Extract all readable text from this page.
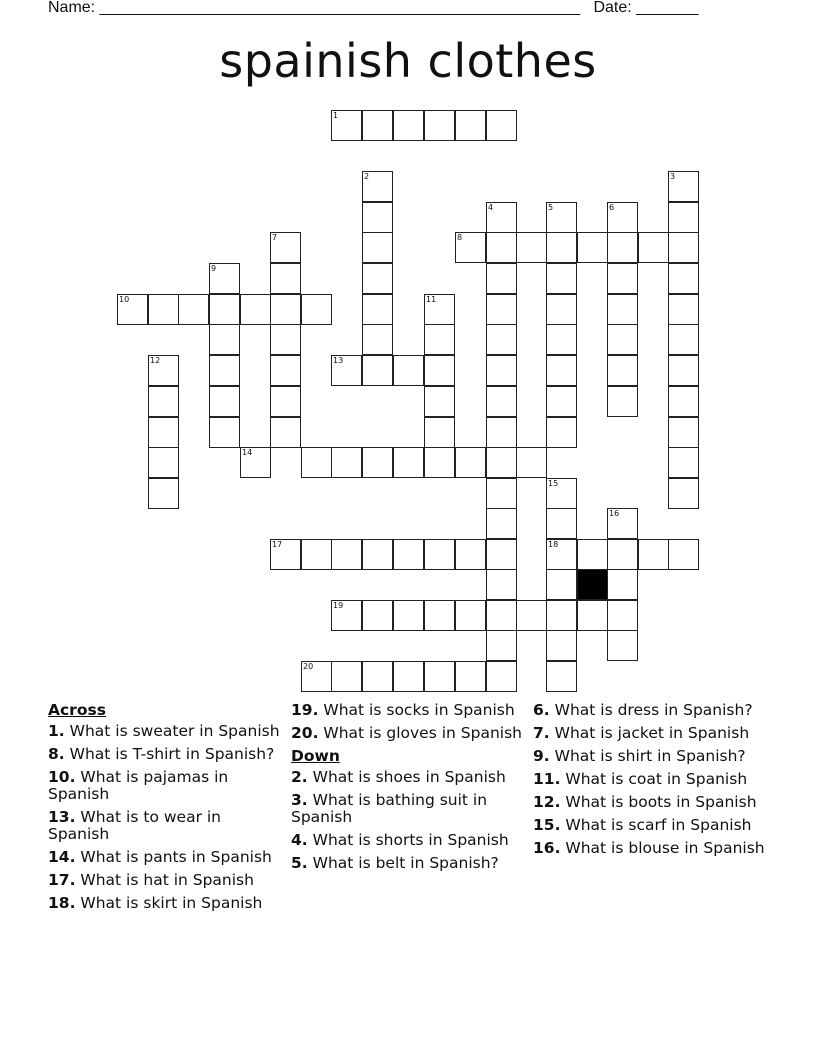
Name: ______________________________________________________ Date: _______
spainish clothes
1
2	3
4	5	6
7	8
9
10	11
12	13
14
15
18
16
17
19
20
Across
1. What is sweater in Spanish
8. What is T-shirt in Spanish?
10. What is pajamas in Spanish
13. What is to wear in Spanish
14. What is pants in Spanish
17. What is hat in Spanish
18. What is skirt in Spanish
19. What is socks in Spanish
20. What is gloves in Spanish
Down
2. What is shoes in Spanish
3. What is bathing suit in Spanish
4. What is shorts in Spanish
5. What is belt in Spanish?
6. What is dress in Spanish?
7. What is jacket in Spanish
9. What is shirt in Spanish?
11. What is coat in Spanish
12. What is boots in Spanish
15. What is scarf in Spanish
16. What is blouse in Spanish
